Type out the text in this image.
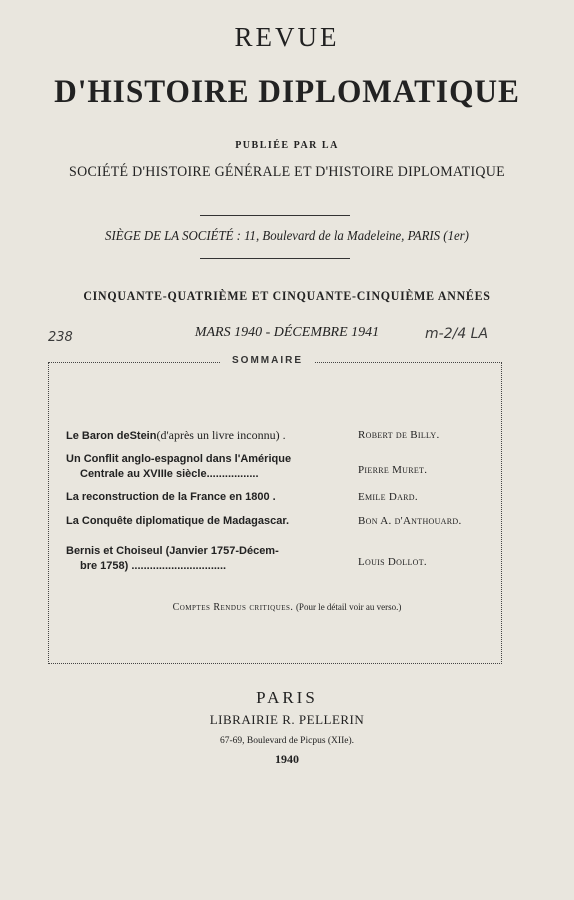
REVUE
D'HISTOIRE DIPLOMATIQUE
PUBLIÉE PAR LA
SOCIÉTÉ D'HISTOIRE GÉNÉRALE ET D'HISTOIRE DIPLOMATIQUE
SIÈGE DE LA SOCIÉTÉ : 11, Boulevard de la Madeleine, PARIS (1er)
CINQUANTE-QUATRIÈME ET CINQUANTE-CINQUIÈME ANNÉES
238	MARS 1940 - DÉCEMBRE 1941	m-2/4 LA
SOMMAIRE
Le Baron deStein(d'après un livre inconnu) .	Robert de Billy.
Un Conflit anglo-espagnol dans l'Amérique
Centrale au XVIIIe siècle.................	Pierre Muret.
La reconstruction de la France en 1800 .	Emile Dard.
La Conquête diplomatique de Madagascar.	Bon A. d'Anthouard.
Bernis et Choiseul (Janvier 1757-Décem-
bre 1758) ...............................	Louis Dollot.
Comptes Rendus critiques. (Pour le détail voir au verso.)
PARIS
LIBRAIRIE R. PELLERIN
67-69, Boulevard de Picpus (XIIe).
1940
